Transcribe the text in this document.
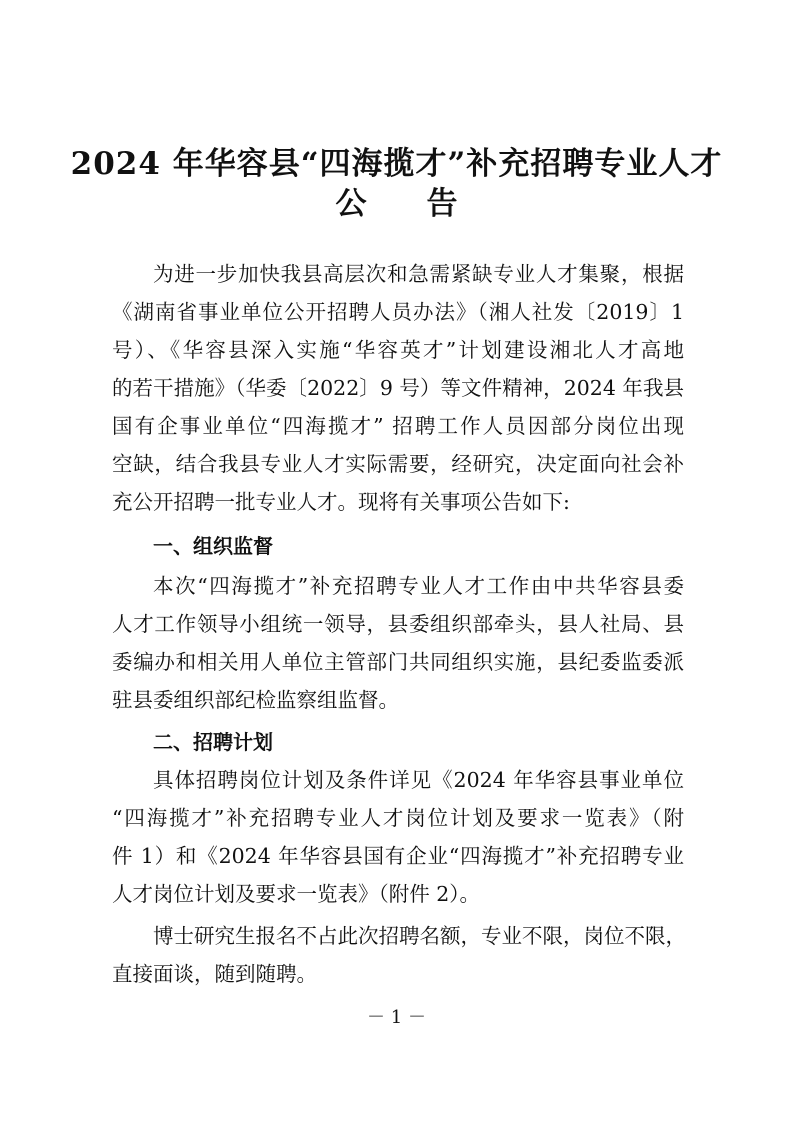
2024 年华容县“四海揽才”补充招聘专业人才
公告
为进一步加快我县高层次和急需紧缺专业人才集聚，根据
《湖南省事业单位公开招聘人员办法》（湘人社发〔2019〕1
号）、《华容县深入实施“华容英才”计划建设湘北人才高地
的若干措施》（华委〔2022〕9 号）等文件精神，2024 年我县
国有企事业单位“四海揽才” 招聘工作人员因部分岗位出现
空缺，结合我县专业人才实际需要，经研究，决定面向社会补
充公开招聘一批专业人才。现将有关事项公告如下:
一、组织监督
本次“四海揽才”补充招聘专业人才工作由中共华容县委
人才工作领导小组统一领导，县委组织部牵头，县人社局、县
委编办和相关用人单位主管部门共同组织实施，县纪委监委派
驻县委组织部纪检监察组监督。
二、招聘计划
具体招聘岗位计划及条件详见《2024 年华容县事业单位
“四海揽才”补充招聘专业人才岗位计划及要求一览表》（附
件 1）和《2024 年华容县国有企业“四海揽才”补充招聘专业
人才岗位计划及要求一览表》（附件 2）。
博士研究生报名不占此次招聘名额，专业不限，岗位不限，
直接面谈，随到随聘。
－ 1 －
